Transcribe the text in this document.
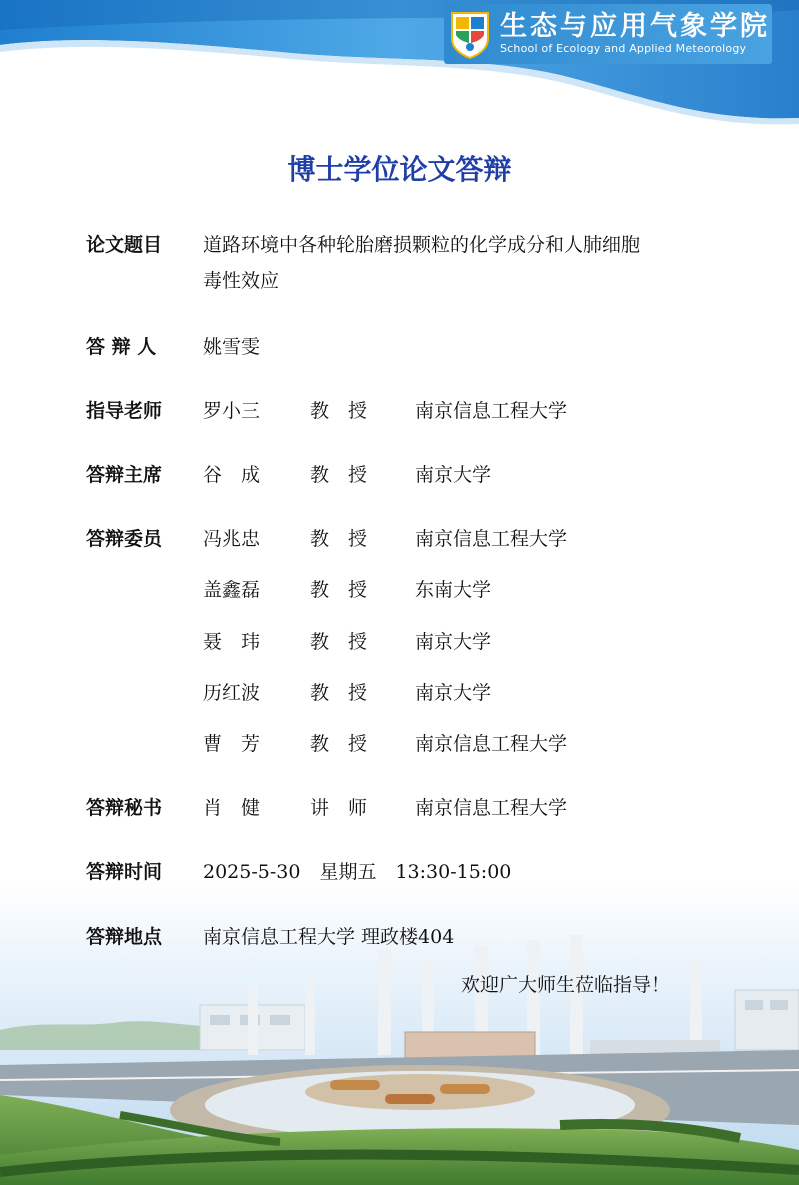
生态与应用气象学院
School of Ecology and Applied Meteorology
博士学位论文答辩
论文题目 道路环境中各种轮胎磨损颗粒的化学成分和人肺细胞
毒性效应
答 辩 人 姚雪雯
指导老师 罗小三	教　授	南京信息工程大学
答辩主席 谷　成	教　授	南京大学
答辩委员 冯兆忠	教　授	南京信息工程大学
盖鑫磊	教　授	东南大学
聂　玮	教　授	南京大学
历红波	教　授	南京大学
曹　芳	教　授	南京信息工程大学
答辩秘书 肖　健	讲　师	南京信息工程大学
答辩时间 2025-5-30　星期五　13:30-15:00
答辩地点 南京信息工程大学 理政楼404
欢迎广大师生莅临指导！
